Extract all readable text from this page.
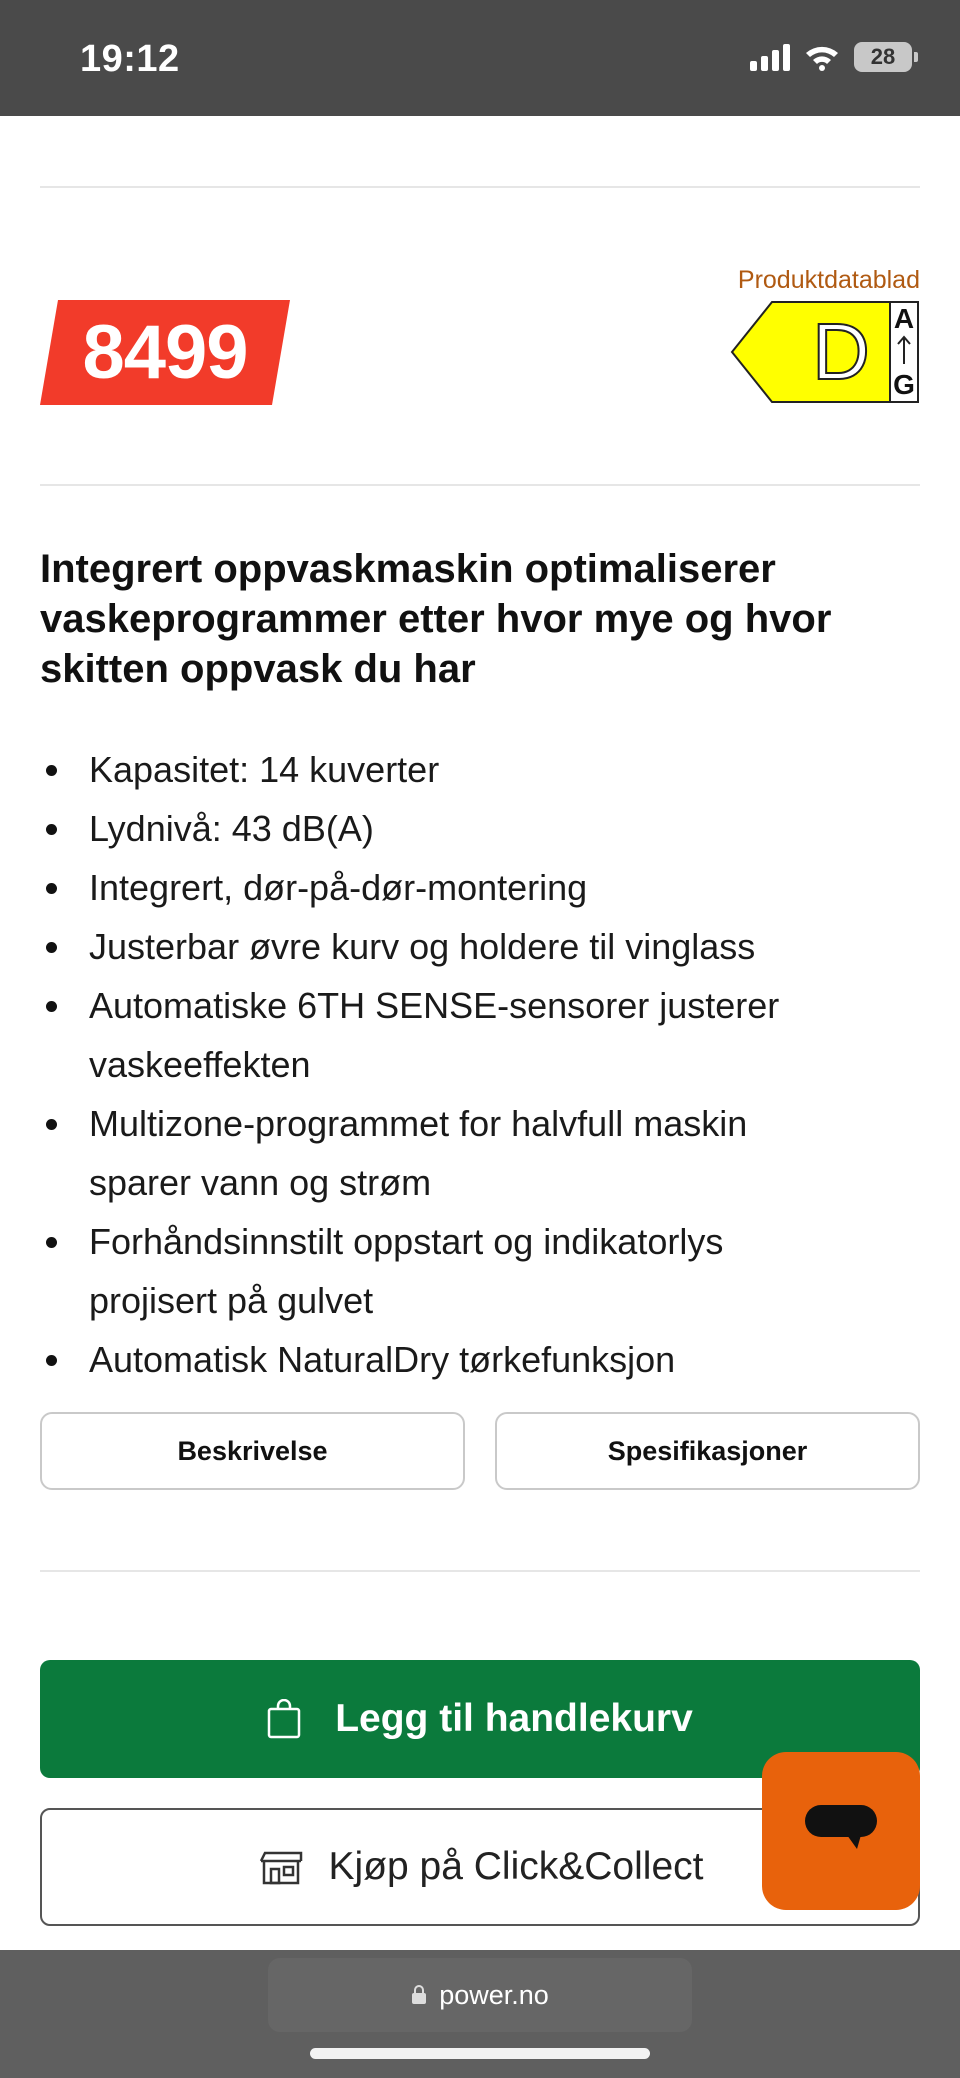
19:12	28
8499
Produktdatablad
D A
G
Integrert oppvaskmaskin optimaliserer vaskeprogrammer etter hvor mye og hvor skitten oppvask du har
Kapasitet: 14 kuverter
Lydnivå: 43 dB(A)
Integrert, dør-på-dør-montering
Justerbar øvre kurv og holdere til vinglass
Automatiske 6TH SENSE-sensorer justerer vaskeeffekten
Multizone-programmet for halvfull maskin sparer vann og strøm
Forhåndsinnstilt oppstart og indikatorlys projisert på gulvet
Automatisk NaturalDry tørkefunksjon
Beskrivelse	Spesifikasjoner
Legg til handlekurv
Kjøp på Click&Collect
power.no
